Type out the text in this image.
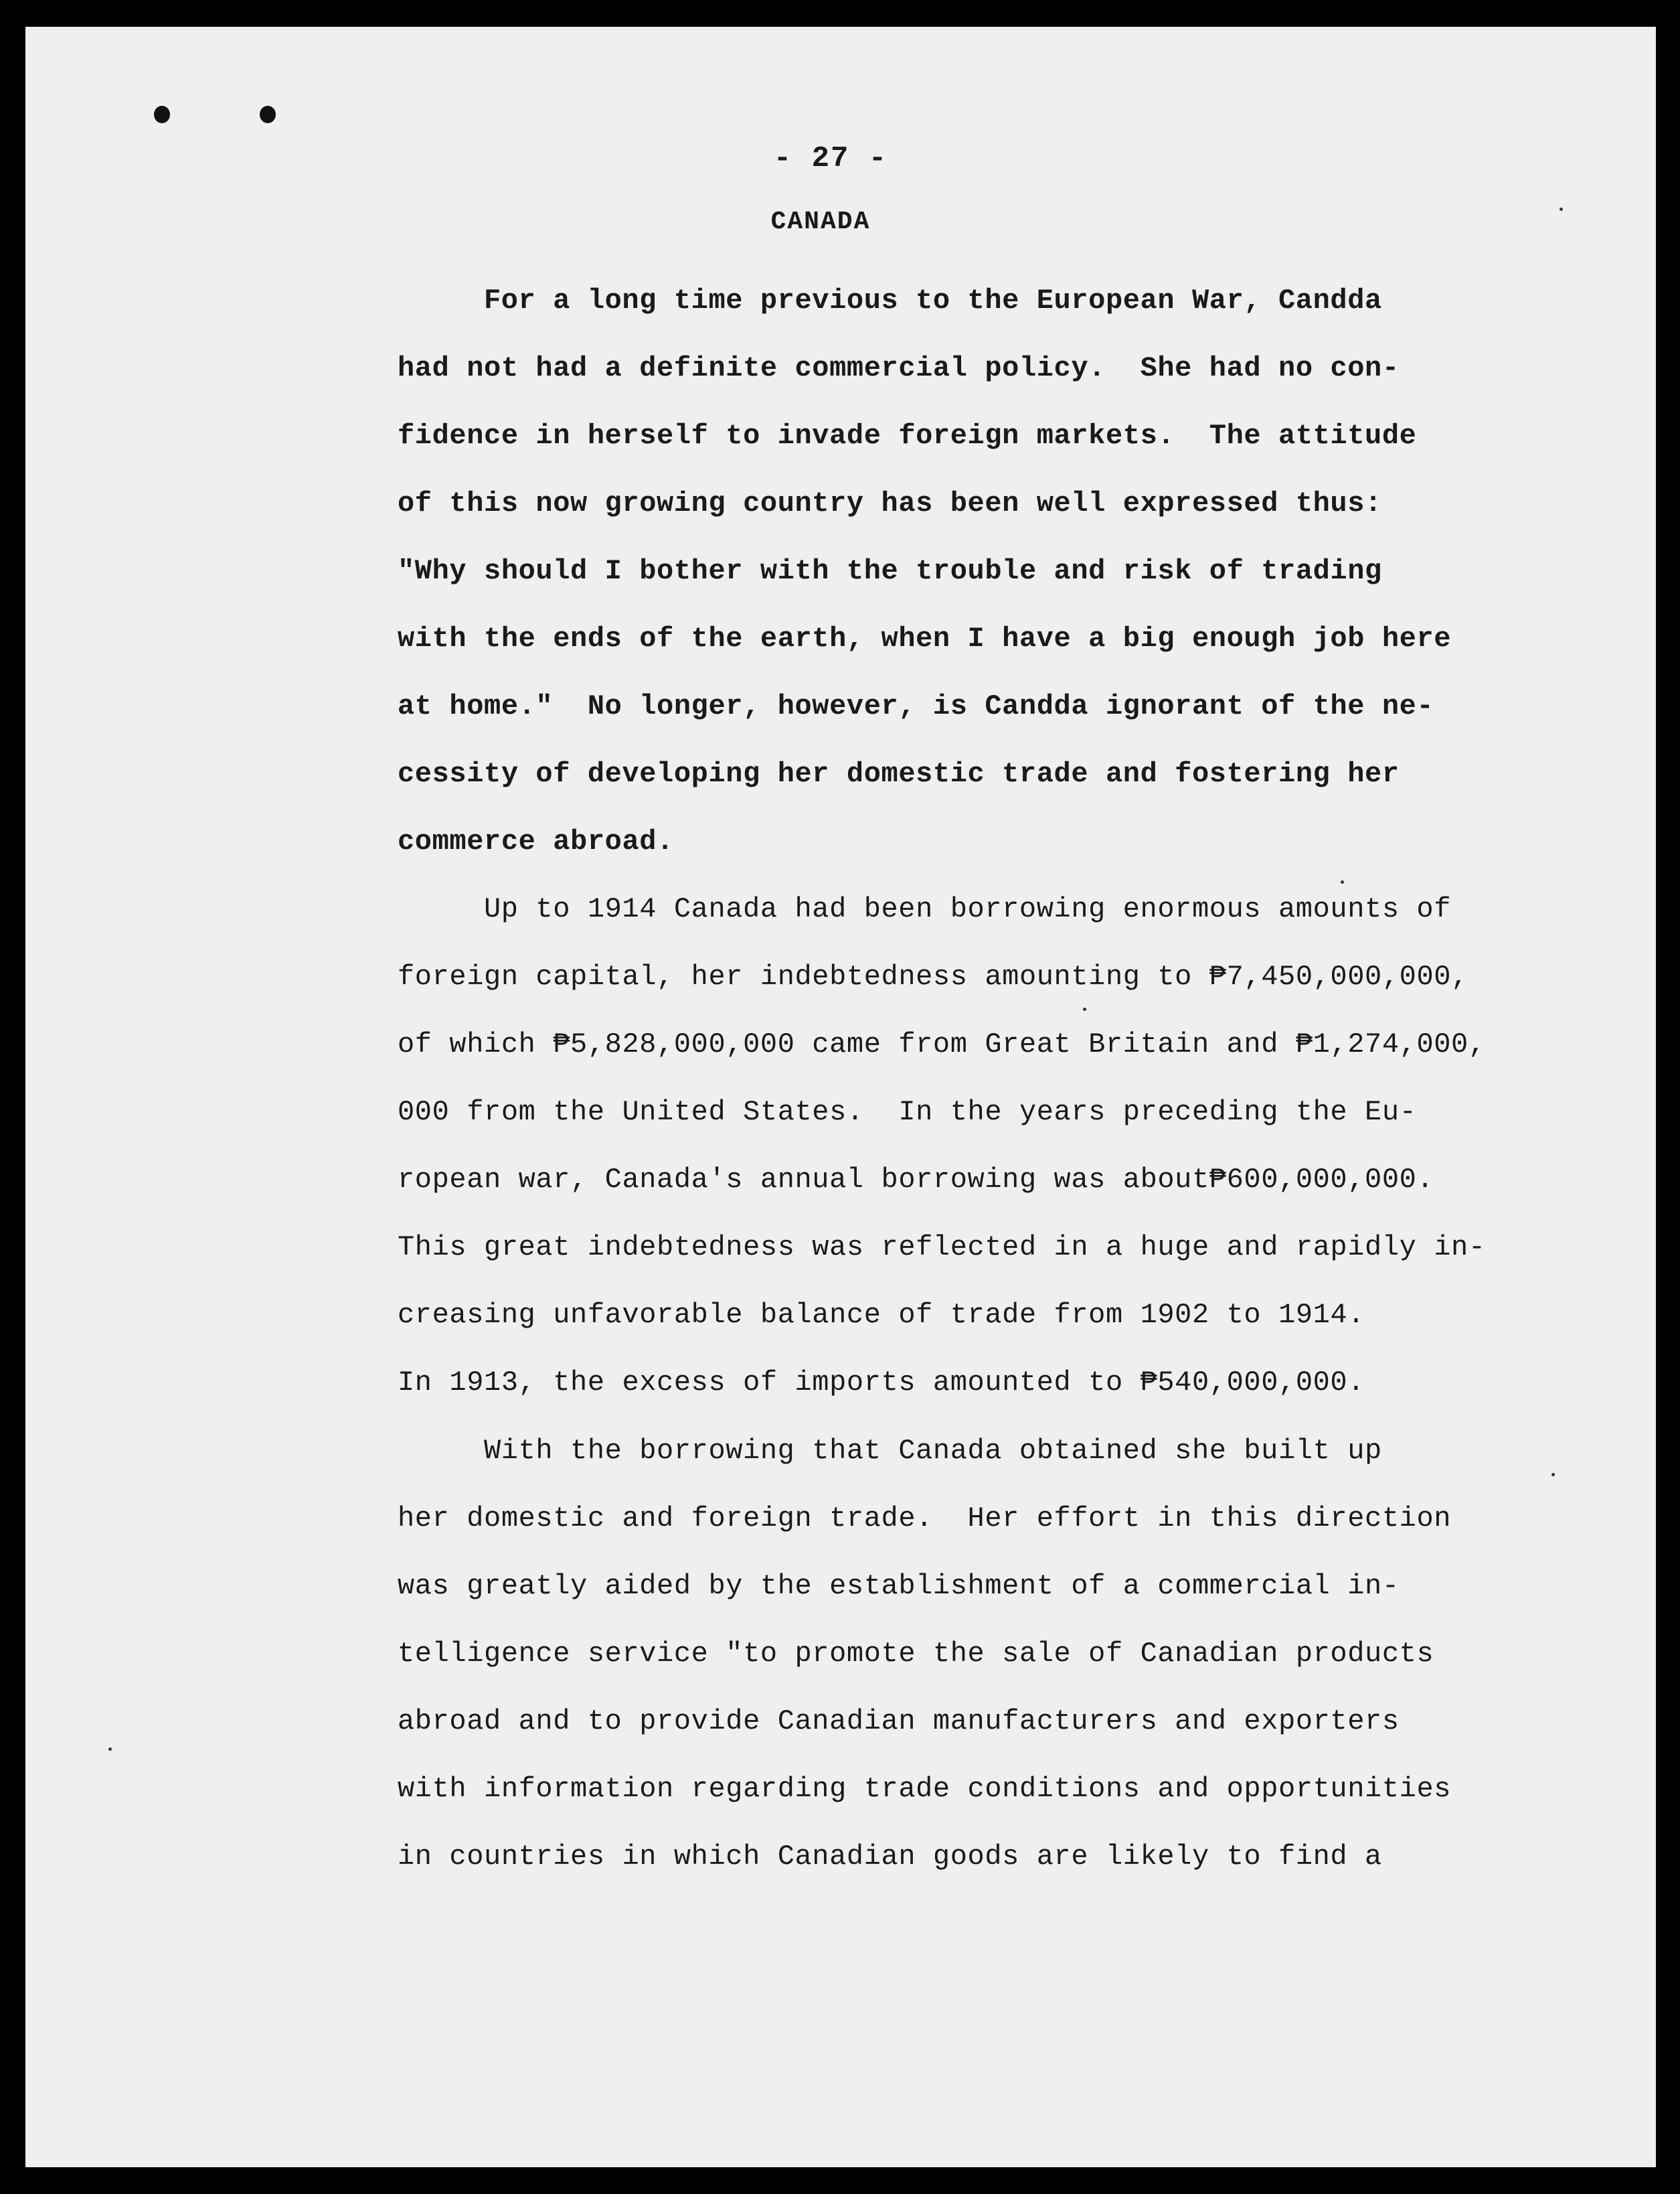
- 27 -
CANADA
For a long time previous to the European War, Candda
had not had a definite commercial policy.  She had no con-
fidence in herself to invade foreign markets.  The attitude
of this now growing country has been well expressed thus:
"Why should I bother with the trouble and risk of trading
with the ends of the earth, when I have a big enough job here
at home."  No longer, however, is Candda ignorant of the ne-
cessity of developing her domestic trade and fostering her
commerce abroad.
Up to 1914 Canada had been borrowing enormous amounts of
foreign capital, her indebtedness amounting to ₱7,450,000,000,
of which ₱5,828,000,000 came from Great Britain and ₱1,274,000,
000 from the United States.  In the years preceding the Eu-
ropean war, Canada's annual borrowing was about₱600,000,000.
This great indebtedness was reflected in a huge and rapidly in-
creasing unfavorable balance of trade from 1902 to 1914.
In 1913, the excess of imports amounted to ₱540,000,000.
With the borrowing that Canada obtained she built up
her domestic and foreign trade.  Her effort in this direction
was greatly aided by the establishment of a commercial in-
telligence service "to promote the sale of Canadian products
abroad and to provide Canadian manufacturers and exporters
with information regarding trade conditions and opportunities
in countries in which Canadian goods are likely to find a
